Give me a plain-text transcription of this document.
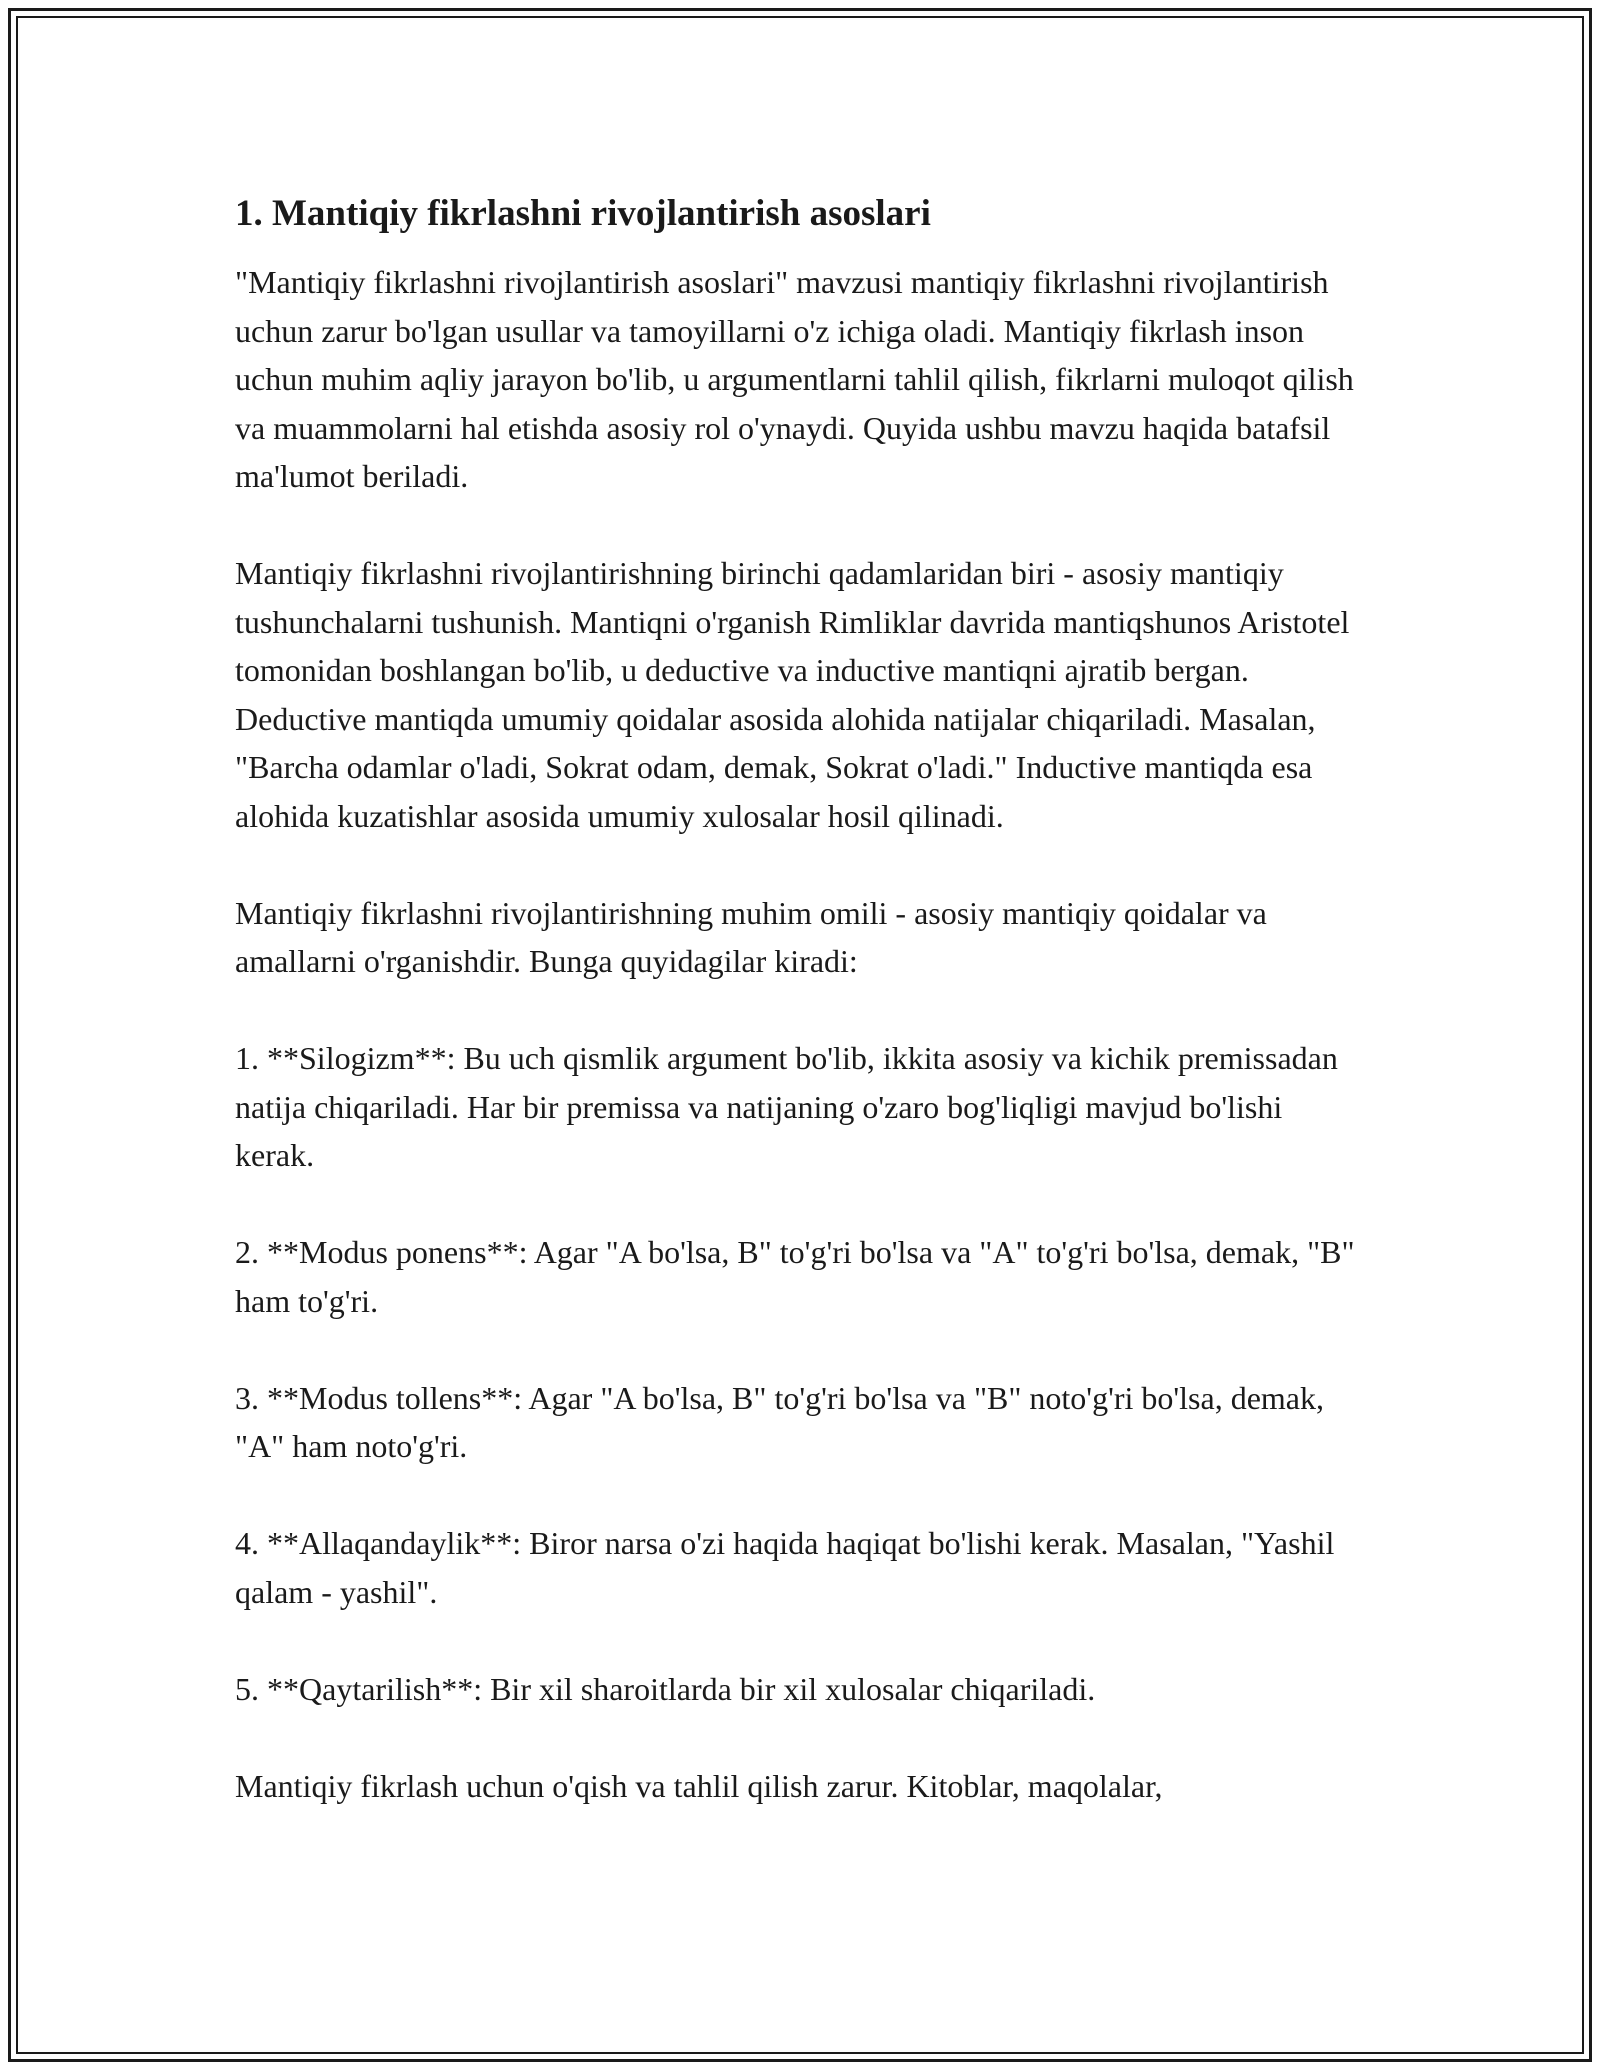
1. Mantiqiy fikrlashni rivojlantirish asoslari

"Mantiqiy fikrlashni rivojlantirish asoslari" mavzusi mantiqiy fikrlashni rivojlantirish uchun zarur bo'lgan usullar va tamoyillarni o'z ichiga oladi. Mantiqiy fikrlash inson uchun muhim aqliy jarayon bo'lib, u argumentlarni tahlil qilish, fikrlarni muloqot qilish va muammolarni hal etishda asosiy rol o'ynaydi. Quyida ushbu mavzu haqida batafsil ma'lumot beriladi.

Mantiqiy fikrlashni rivojlantirishning birinchi qadamlaridan biri - asosiy mantiqiy tushunchalarni tushunish. Mantiqni o'rganish Rimliklar davrida mantiqshunos Aristotel tomonidan boshlangan bo'lib, u deductive va inductive mantiqni ajratib bergan. Deductive mantiqda umumiy qoidalar asosida alohida natijalar chiqariladi. Masalan, "Barcha odamlar o'ladi, Sokrat odam, demak, Sokrat o'ladi." Inductive mantiqda esa alohida kuzatishlar asosida umumiy xulosalar hosil qilinadi.

Mantiqiy fikrlashni rivojlantirishning muhim omili - asosiy mantiqiy qoidalar va amallarni o'rganishdir. Bunga quyidagilar kiradi:

1. **Silogizm**: Bu uch qismlik argument bo'lib, ikkita asosiy va kichik premissadan natija chiqariladi. Har bir premissa va natijaning o'zaro bog'liqligi mavjud bo'lishi kerak.

2. **Modus ponens**: Agar "A bo'lsa, B" to'g'ri bo'lsa va "A" to'g'ri bo'lsa, demak, "B" ham to'g'ri.

3. **Modus tollens**: Agar "A bo'lsa, B" to'g'ri bo'lsa va "B" noto'g'ri bo'lsa, demak, "A" ham noto'g'ri.

4. **Allaqandaylik**: Biror narsa o'zi haqida haqiqat bo'lishi kerak. Masalan, "Yashil qalam - yashil".

5. **Qaytarilish**: Bir xil sharoitlarda bir xil xulosalar chiqariladi.

Mantiqiy fikrlash uchun o'qish va tahlil qilish zarur. Kitoblar, maqolalar,
